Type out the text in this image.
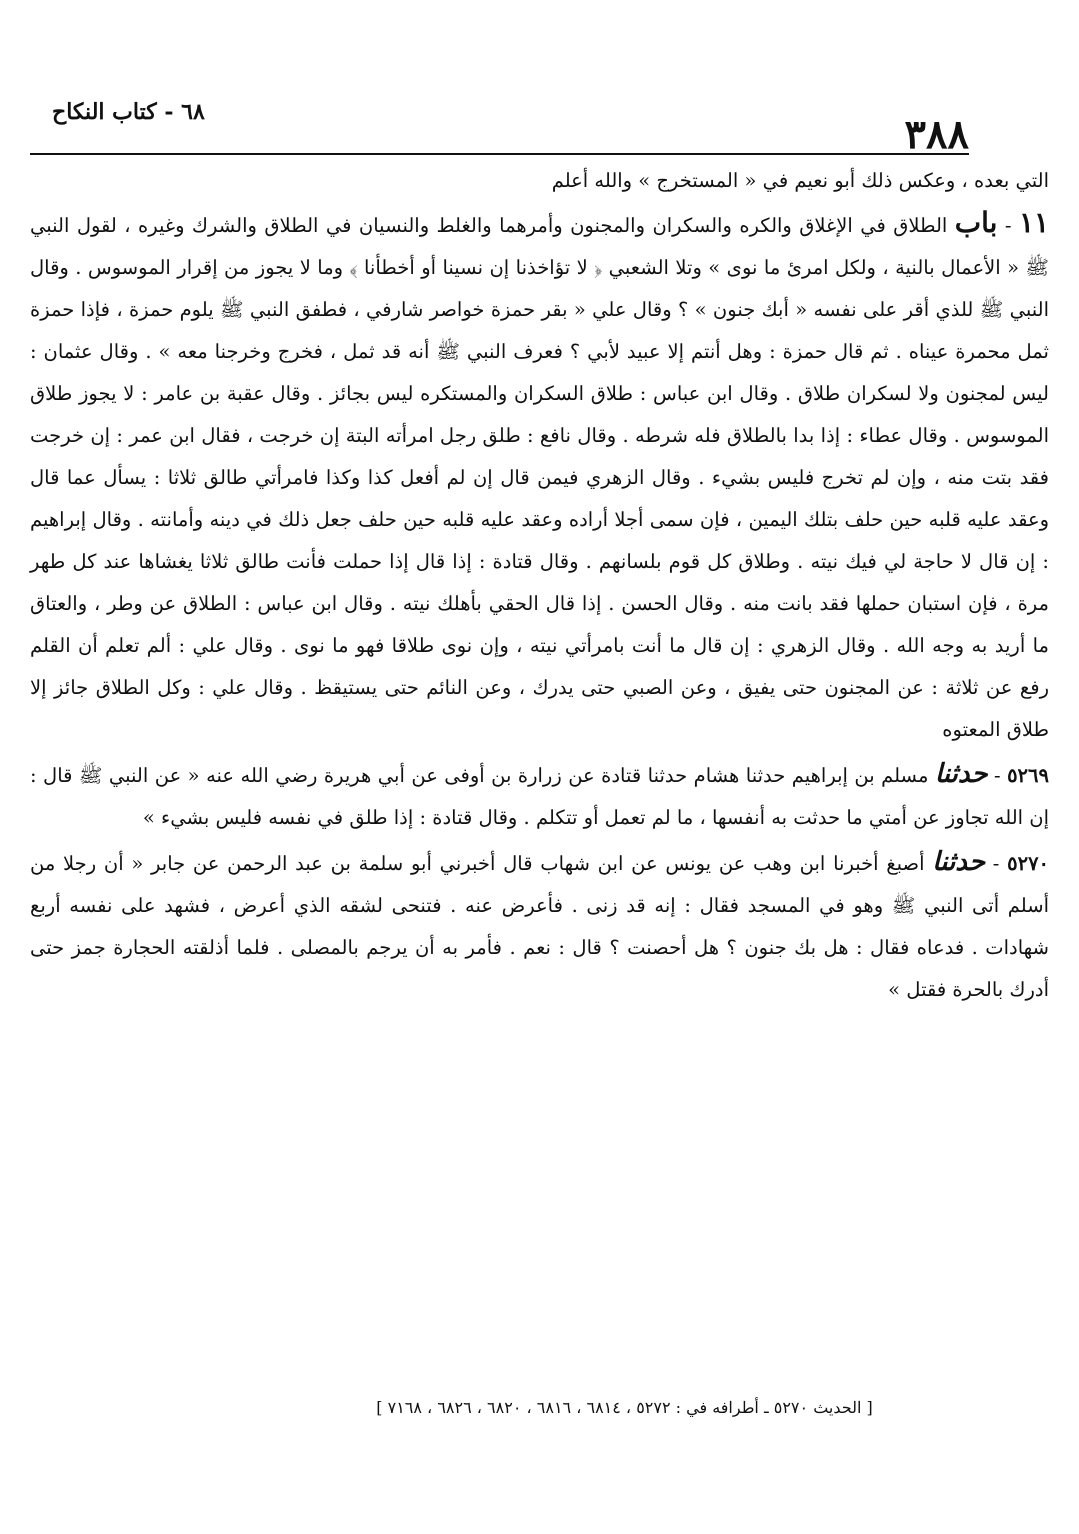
٣٨٨
٦٨ - كتاب النكاح

التي بعده ، وعكس ذلك أبو نعيم في « المستخرج » والله أعلم

١١ - باب الطلاق في الإغلاق والكره والسكران والمجنون وأمرهما والغلط والنسيان في الطلاق والشرك وغيره ، لقول النبي ﷺ « الأعمال بالنية ، ولكل امرئ ما نوى » وتلا الشعبي ﴿ لا تؤاخذنا إن نسينا أو أخطأنا ﴾ وما لا يجوز من إقرار الموسوس . وقال النبي ﷺ للذي أقر على نفسه « أبك جنون » ؟ وقال علي « بقر حمزة خواصر شارفي ، فطفق النبي ﷺ يلوم حمزة ، فإذا حمزة ثمل محمرة عيناه . ثم قال حمزة : وهل أنتم إلا عبيد لأبي ؟ فعرف النبي ﷺ أنه قد ثمل ، فخرج وخرجنا معه » . وقال عثمان : ليس لمجنون ولا لسكران طلاق . وقال ابن عباس : طلاق السكران والمستكره ليس بجائز . وقال عقبة بن عامر : لا يجوز طلاق الموسوس . وقال عطاء : إذا بدا بالطلاق فله شرطه . وقال نافع : طلق رجل امرأته البتة إن خرجت ، فقال ابن عمر : إن خرجت فقد بتت منه ، وإن لم تخرج فليس بشيء . وقال الزهري فيمن قال إن لم أفعل كذا وكذا فامرأتي طالق ثلاثا : يسأل عما قال وعقد عليه قلبه حين حلف بتلك اليمين ، فإن سمى أجلا أراده وعقد عليه قلبه حين حلف جعل ذلك في دينه وأمانته . وقال إبراهيم : إن قال لا حاجة لي فيك نيته . وطلاق كل قوم بلسانهم . وقال قتادة : إذا قال إذا حملت فأنت طالق ثلاثا يغشاها عند كل طهر مرة ، فإن استبان حملها فقد بانت منه . وقال الحسن . إذا قال الحقي بأهلك نيته . وقال ابن عباس : الطلاق عن وطر ، والعتاق ما أريد به وجه الله . وقال الزهري : إن قال ما أنت بامرأتي نيته ، وإن نوى طلاقا فهو ما نوى . وقال علي : ألم تعلم أن القلم رفع عن ثلاثة : عن المجنون حتى يفيق ، وعن الصبي حتى يدرك ، وعن النائم حتى يستيقظ . وقال علي : وكل الطلاق جائز إلا طلاق المعتوه

٥٢٦٩ - حدثنا مسلم بن إبراهيم حدثنا هشام حدثنا قتادة عن زرارة بن أوفى عن أبي هريرة رضي الله عنه « عن النبي ﷺ قال : إن الله تجاوز عن أمتي ما حدثت به أنفسها ، ما لم تعمل أو تتكلم . وقال قتادة : إذا طلق في نفسه فليس بشيء »

٥٢٧٠ - حدثنا أصبغ أخبرنا ابن وهب عن يونس عن ابن شهاب قال أخبرني أبو سلمة بن عبد الرحمن عن جابر « أن رجلا من أسلم أتى النبي ﷺ وهو في المسجد فقال : إنه قد زنى . فأعرض عنه . فتنحى لشقه الذي أعرض ، فشهد على نفسه أربع شهادات . فدعاه فقال : هل بك جنون ؟ هل أحصنت ؟ قال : نعم . فأمر به أن يرجم بالمصلى . فلما أذلقته الحجارة جمز حتى أدرك بالحرة فقتل »

[ الحديث ٥٢٧٠ ـ أطرافه في : ٥٢٧٢ ، ٦٨١٤ ، ٦٨١٦ ، ٦٨٢٠ ، ٦٨٢٦ ، ٧١٦٨ ]
